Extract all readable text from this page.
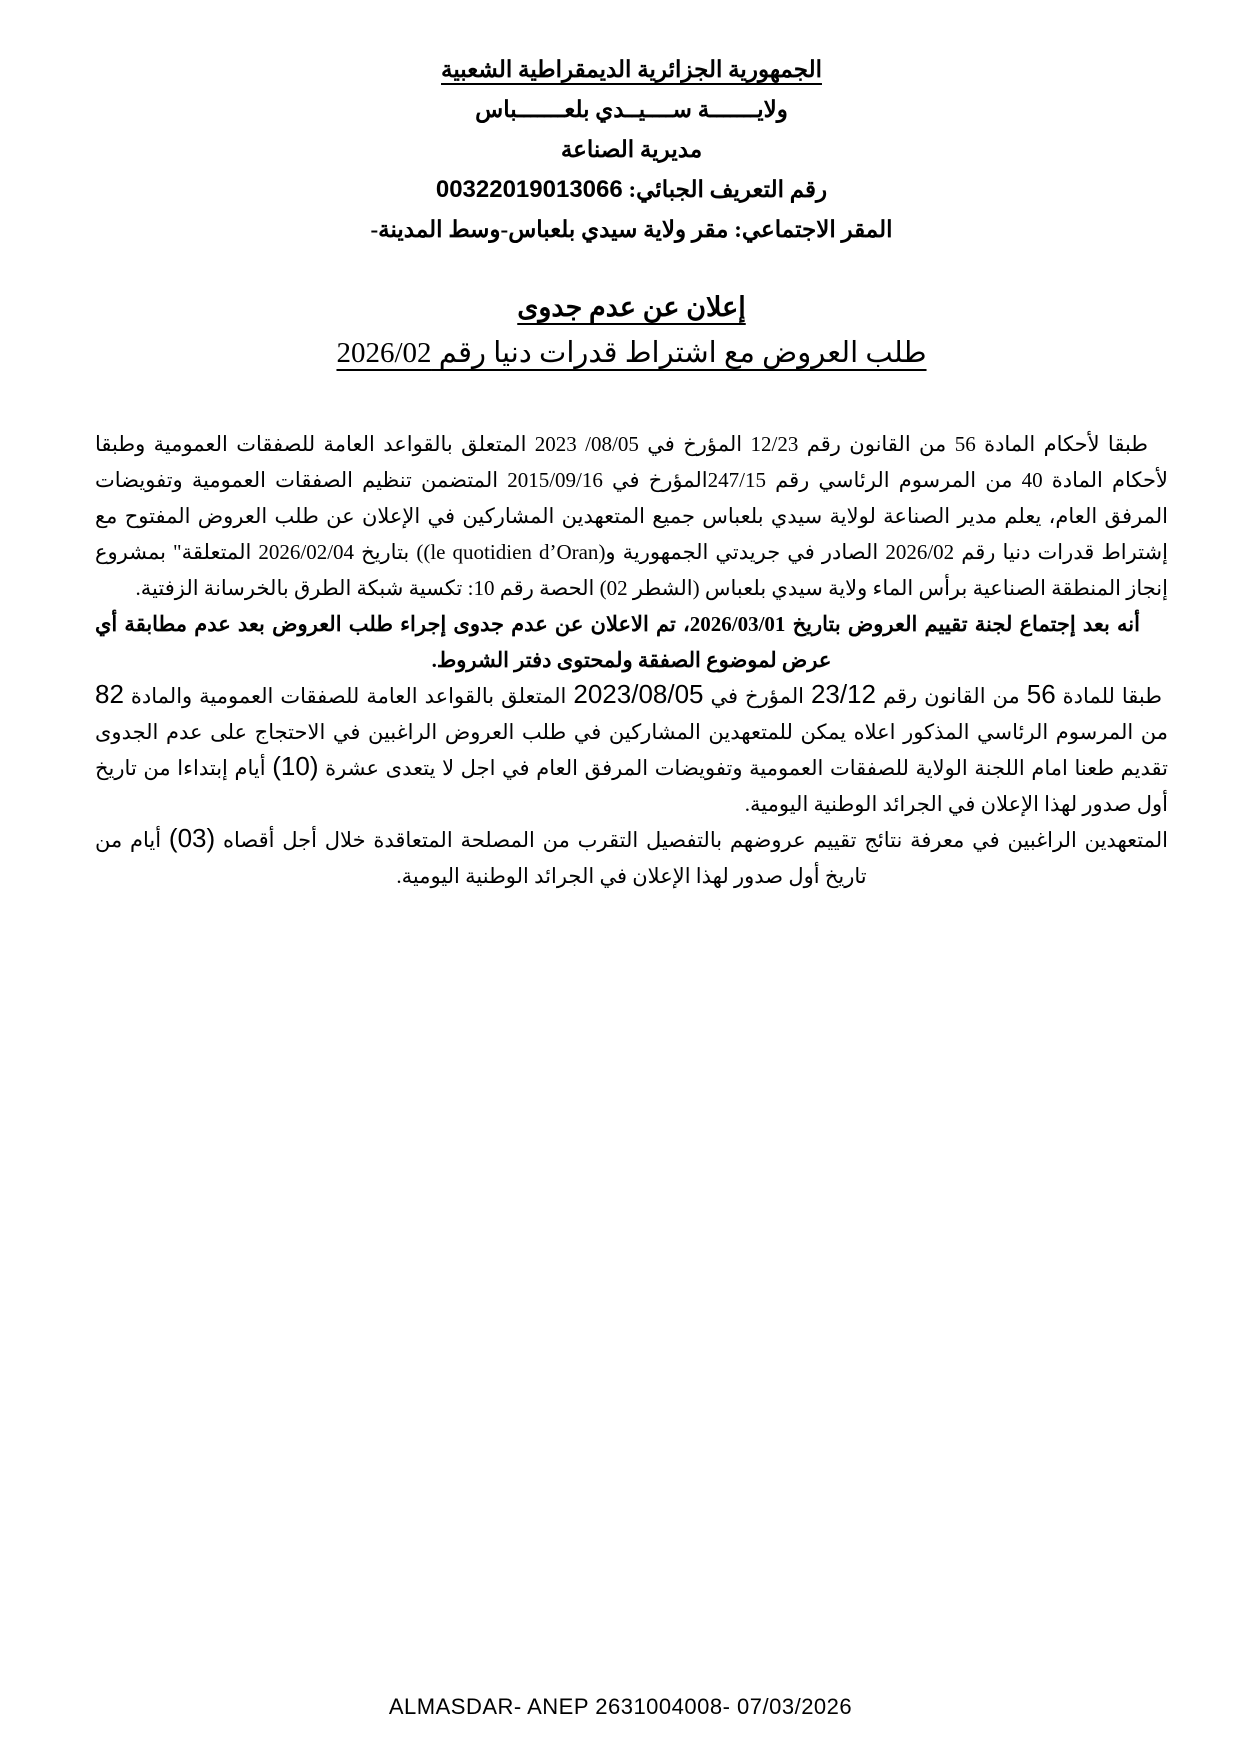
الجمهورية الجزائرية الديمقراطية الشعبية
ولايـــــــة ســــيــدي بلعـــــــباس
مديرية الصناعة
رقم التعريف الجبائي: 00322019013066
المقر الاجتماعي: مقر ولاية سيدي بلعباس-وسط المدينة-
إعلان عن عدم جدوى
طلب العروض مع اشتراط قدرات دنيا رقم 2026/02

طبقا لأحكام المادة 56 من القانون رقم 12/23 المؤرخ في 08/05/ 2023 المتعلق بالقواعد العامة للصفقات العمومية وطبقا لأحكام المادة 40 من المرسوم الرئاسي رقم 247/15المؤرخ في 2015/09/16 المتضمن تنظيم الصفقات العمومية وتفويضات المرفق العام، يعلم مدير الصناعة لولاية سيدي بلعباس جميع المتعهدين المشاركين في الإعلان عن طلب العروض المفتوح مع إشتراط قدرات دنيا رقم 2026/02 الصادر في جريدتي الجمهورية و(le quotidien d’Oran)) بتاريخ 2026/02/04 المتعلقة" بمشروع إنجاز المنطقة الصناعية برأس الماء ولاية سيدي بلعباس (الشطر 02) الحصة رقم 10: تكسية شبكة الطرق بالخرسانة الزفتية.

أنه بعد إجتماع لجنة تقييم العروض بتاريخ 2026/03/01، تم الاعلان عن عدم جدوى إجراء طلب العروض بعد عدم مطابقة أي عرض لموضوع الصفقة ولمحتوى دفتر الشروط.

طبقا للمادة 56 من القانون رقم 23/12 المؤرخ في 2023/08/05 المتعلق بالقواعد العامة للصفقات العمومية والمادة 82 من المرسوم الرئاسي المذكور اعلاه يمكن للمتعهدين المشاركين في طلب العروض الراغبين في الاحتجاج على عدم الجدوى تقديم طعنا امام اللجنة الولاية للصفقات العمومية وتفويضات المرفق العام في اجل لا يتعدى عشرة (10) أيام إبتداءا من تاريخ أول صدور لهذا الإعلان في الجرائد الوطنية اليومية.

المتعهدين الراغبين في معرفة نتائج تقييم عروضهم بالتفصيل التقرب من المصلحة المتعاقدة خلال أجل أقصاه (03) أيام من تاريخ أول صدور لهذا الإعلان في الجرائد الوطنية اليومية.

ALMASDAR- ANEP 2631004008- 07/03/2026
